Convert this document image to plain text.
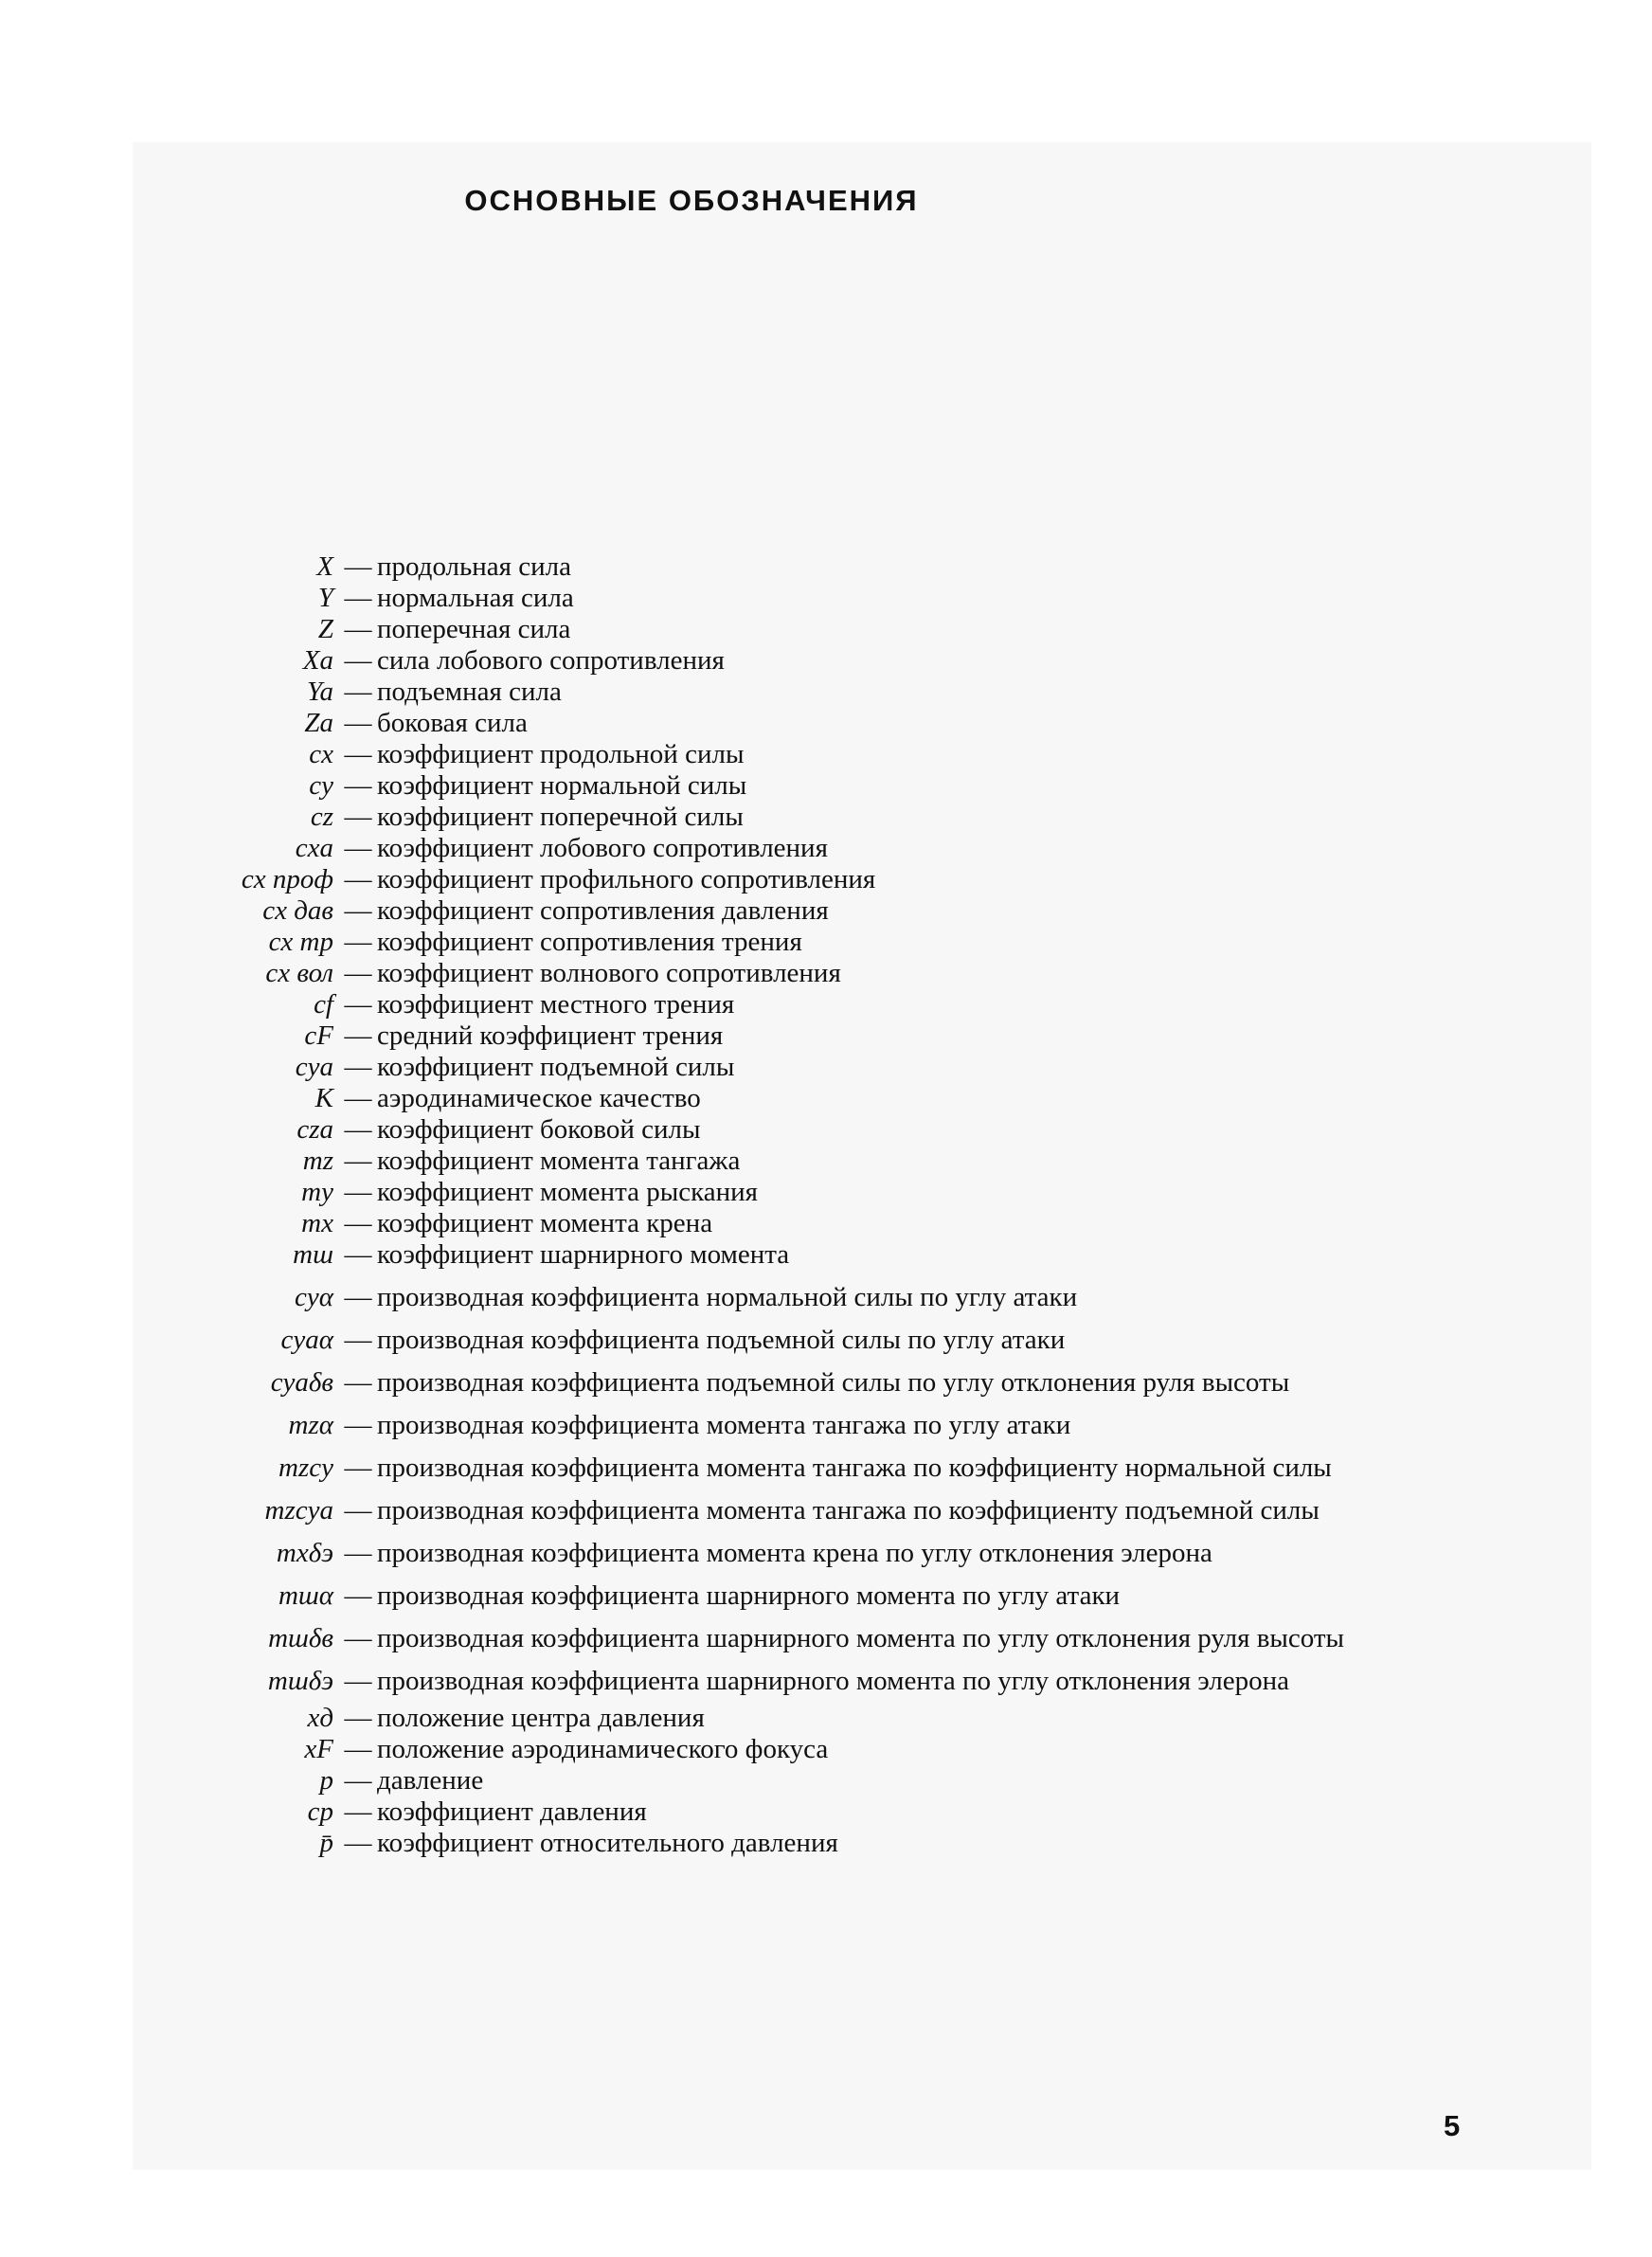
ОСНОВНЫЕ ОБОЗНАЧЕНИЯ
X — продольная сила
Y — нормальная сила
Z — поперечная сила
Xa — сила лобового сопротивления
Ya — подъемная сила
Za — боковая сила
cx — коэффициент продольной силы
cy — коэффициент нормальной силы
cz — коэффициент поперечной силы
cxa — коэффициент лобового сопротивления
cx проф — коэффициент профильного сопротивления
cx дав — коэффициент сопротивления давления
cx тр — коэффициент сопротивления трения
cx вол — коэффициент волнового сопротивления
cf — коэффициент местного трения
cF — средний коэффициент трения
cya — коэффициент подъемной силы
K — аэродинамическое качество
cza — коэффициент боковой силы
mz — коэффициент момента тангажа
my — коэффициент момента рыскания
mx — коэффициент момента крена
mш — коэффициент шарнирного момента
cyα — производная коэффициента нормальной силы по углу атаки
cyaα — производная коэффициента подъемной силы по углу атаки
cyaδв — производная коэффициента подъемной силы по углу отклонения руля высоты
mzα — производная коэффициента момента тангажа по углу атаки
mzcy — производная коэффициента момента тангажа по коэффициенту нормальной силы
mzcya — производная коэффициента момента тангажа по коэффициенту подъемной силы
mxδэ — производная коэффициента момента крена по углу отклонения элерона
mшα — производная коэффициента шарнирного момента по углу атаки
mшδв — производная коэффициента шарнирного момента по углу отклонения руля высоты
mшδэ — производная коэффициента шарнирного момента по углу отклонения элерона
xд — положение центра давления
xF — положение аэродинамического фокуса
p — давление
cp — коэффициент давления
p̄ — коэффициент относительного давления
5
